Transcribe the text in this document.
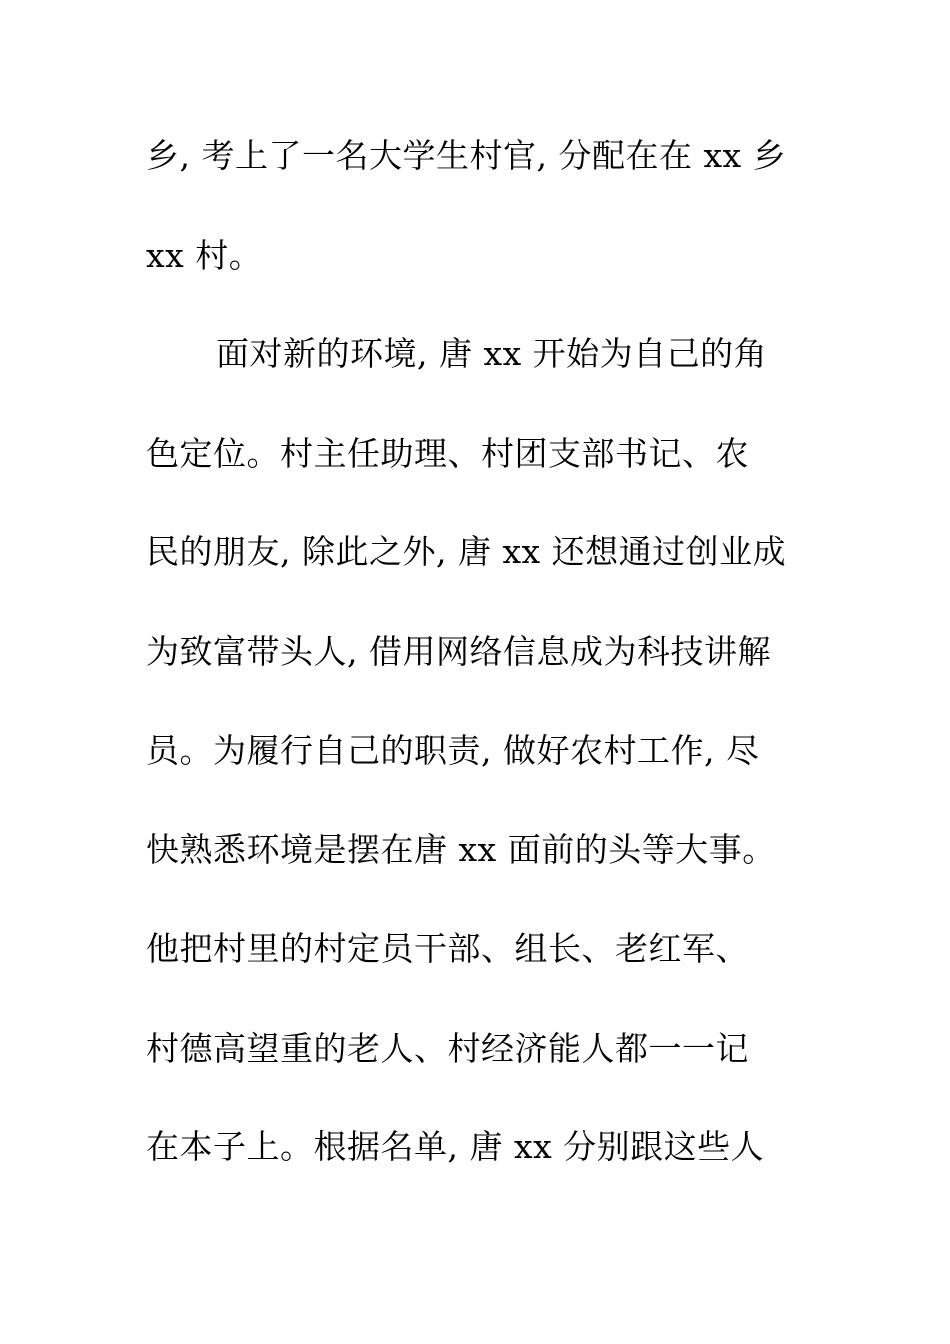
乡, 考上了一名大学生村官, 分配在在 xx 乡
xx 村。
面对新的环境, 唐 xx 开始为自己的角
色定位。村主任助理、村团支部书记、农
民的朋友, 除此之外, 唐 xx 还想通过创业成
为致富带头人, 借用网络信息成为科技讲解
员。为履行自己的职责, 做好农村工作, 尽
快熟悉环境是摆在唐 xx 面前的头等大事。
他把村里的村定员干部、组长、老红军、
村德高望重的老人、村经济能人都一一记
在本子上。根据名单, 唐 xx 分别跟这些人
